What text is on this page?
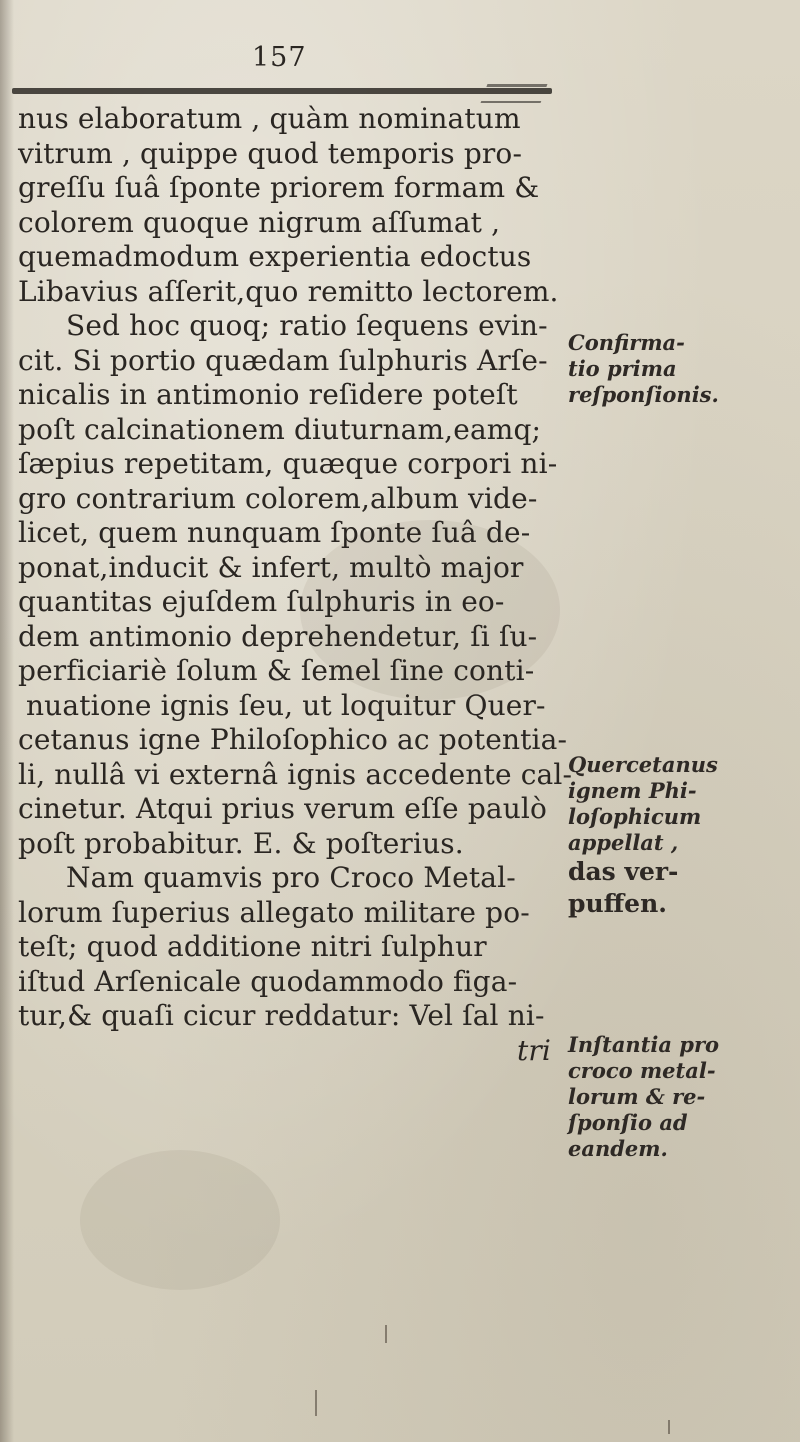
157
nus elaboratum , quàm nominatum
vitrum , quippe quod temporis pro-
greſſu ſuâ ſponte priorem formam &
colorem quoque nigrum aſſumat ,
quemadmodum experientia edoctus
Libavius aſſerit,quo remitto lectorem.
Sed hoc quoq; ratio ſequens evin-
cit. Si portio quædam ſulphuris Arſe-
nicalis in antimonio reſidere poteſt
poſt calcinationem diuturnam,eamq;
ſæpius repetitam, quæque corpori ni-
gro contrarium colorem,album vide-
licet, quem nunquam ſponte ſuâ de-
ponat,inducit & infert, multò major
quantitas ejuſdem ſulphuris in eo-
dem antimonio deprehendetur, ſi ſu-
perficiariè ſolum & ſemel ſine conti-
nuatione ignis ſeu, ut loquitur Quer-
cetanus igne Philoſophico ac potentia-
li, nullâ vi externâ ignis accedente cal-
cinetur. Atqui prius verum eſſe paulò
poſt probabitur. E. & poſterius.
Nam quamvis pro Croco Metal-
lorum ſuperius allegato militare po-
teſt; quod additione nitri ſulphur
iſtud Arſenicale quodammodo figa-
tur,& quaſi cicur reddatur: Vel ſal ni-
tri
Confirma-
tio prima
reſponſionis.
Quercetanus
ignem Phi-
loſophicum
appellat ,
das ver-
puffen.
Inſtantia pro
croco metal-
lorum & re-
ſponſio ad
eandem.
